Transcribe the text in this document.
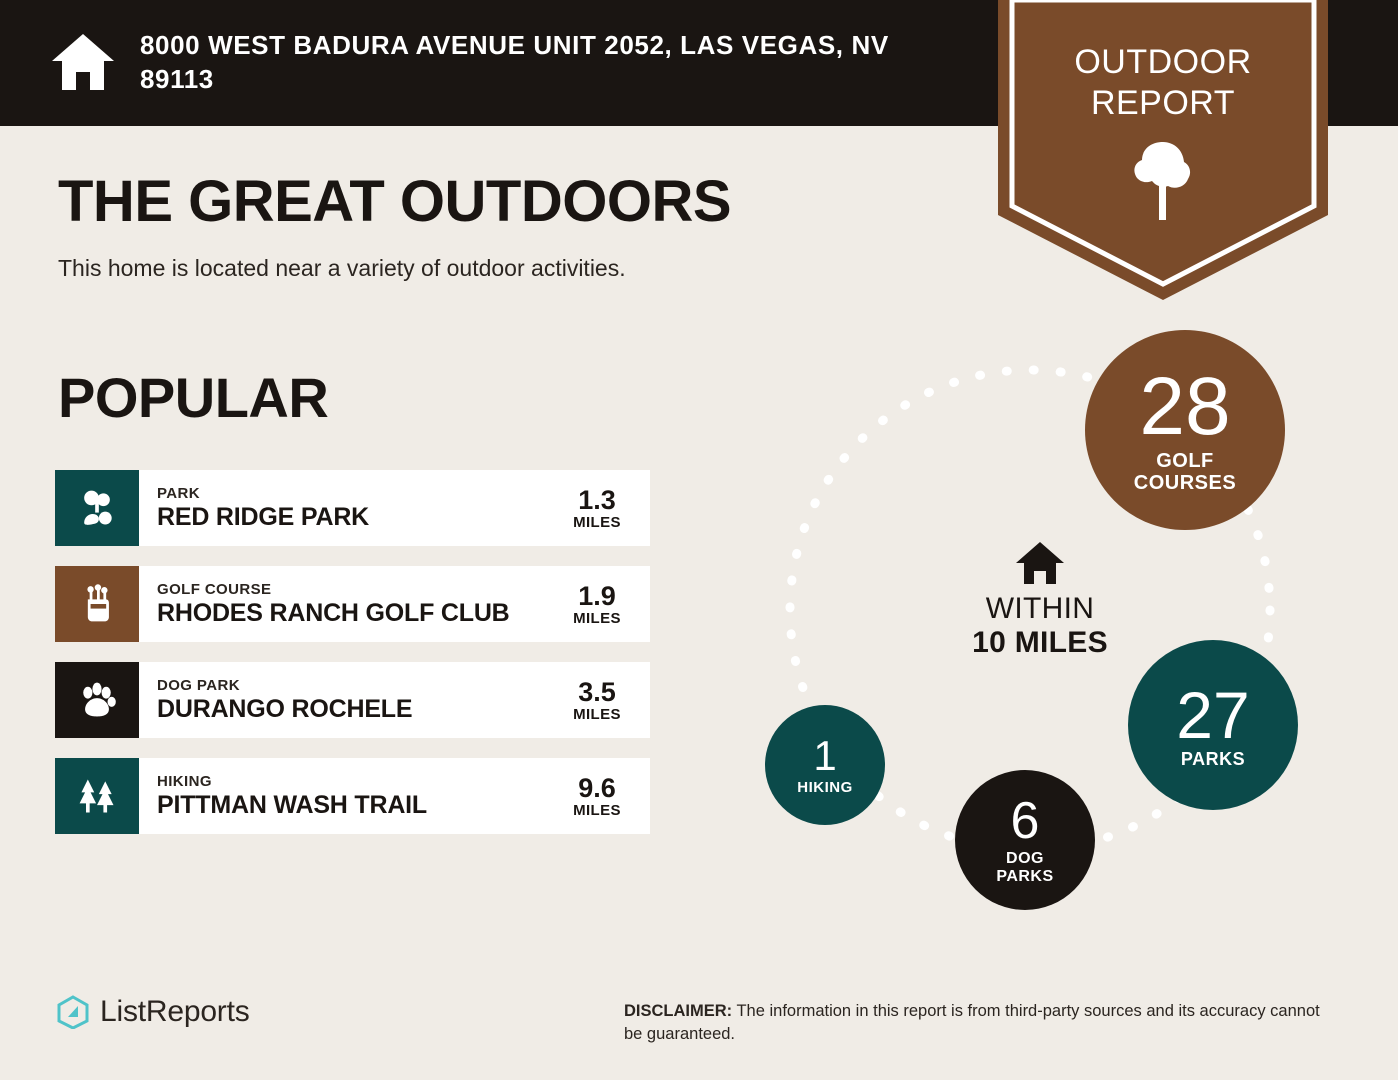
8000 WEST BADURA AVENUE UNIT 2052, LAS VEGAS, NV 89113	OUTDOOR
REPORT
THE GREAT OUTDOORS
This home is located near a variety of outdoor activities.
POPULAR
PARK
RED RIDGE PARK
1.3
MILES
GOLF COURSE
RHODES RANCH GOLF CLUB
1.9
MILES
DOG PARK
DURANGO ROCHELE
3.5
MILES
HIKING
PITTMAN WASH TRAIL
9.6
MILES
28
GOLF
COURSES
27
PARKS
6
DOG
PARKS
1
HIKING
WITHIN
10 MILES
ListReports	DISCLAIMER: The information in this report is from third-party sources and its accuracy cannot be guaranteed.
